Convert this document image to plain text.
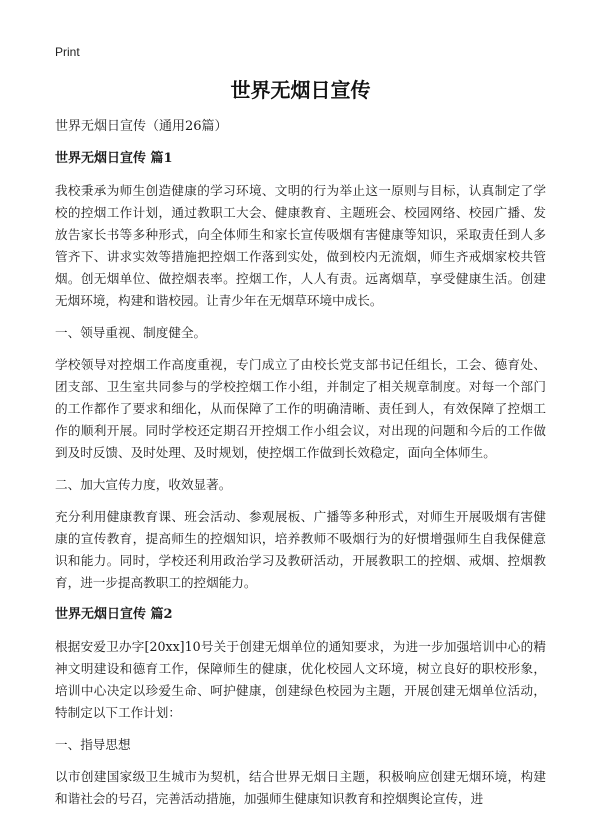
Print
世界无烟日宣传

世界无烟日宣传（通用26篇）

世界无烟日宣传 篇1

我校秉承为师生创造健康的学习环境、文明的行为举止这一原则与目标，认真制定了学校的控烟工作计划，通过教职工大会、健康教育、主题班会、校园网络、校园广播、发放告家长书等多种形式，向全体师生和家长宣传吸烟有害健康等知识，采取责任到人多管齐下、讲求实效等措施把控烟工作落到实处，做到校内无流烟，师生齐戒烟家校共管烟。创无烟单位、做控烟表率。控烟工作，人人有责。远离烟草，享受健康生活。创建无烟环境，构建和谐校园。让青少年在无烟草环境中成长。

一、领导重视、制度健全。

学校领导对控烟工作高度重视，专门成立了由校长党支部书记任组长，工会、德育处、团支部、卫生室共同参与的学校控烟工作小组，并制定了相关规章制度。对每一个部门的工作都作了要求和细化，从而保障了工作的明确清晰、责任到人，有效保障了控烟工作的顺利开展。同时学校还定期召开控烟工作小组会议，对出现的问题和今后的工作做到及时反馈、及时处理、及时规划，使控烟工作做到长效稳定，面向全体师生。

二、加大宣传力度，收效显著。

充分利用健康教育课、班会活动、参观展板、广播等多种形式，对师生开展吸烟有害健康的宣传教育，提高师生的控烟知识，培养教师不吸烟行为的好惯增强师生自我保健意识和能力。同时，学校还利用政治学习及教研活动，开展教职工的控烟、戒烟、控烟教育，进一步提高教职工的控烟能力。

世界无烟日宣传 篇2

根据安爱卫办字[20xx]10号关于创建无烟单位的通知要求，为进一步加强培训中心的精神文明建设和德育工作，保障师生的健康，优化校园人文环境，树立良好的职校形象，培训中心决定以珍爱生命、呵护健康，创建绿色校园为主题，开展创建无烟单位活动，特制定以下工作计划：

一、指导思想

以市创建国家级卫生城市为契机，结合世界无烟日主题，积极响应创建无烟环境，构建和谐社会的号召，完善活动措施，加强师生健康知识教育和控烟舆论宣传，进
